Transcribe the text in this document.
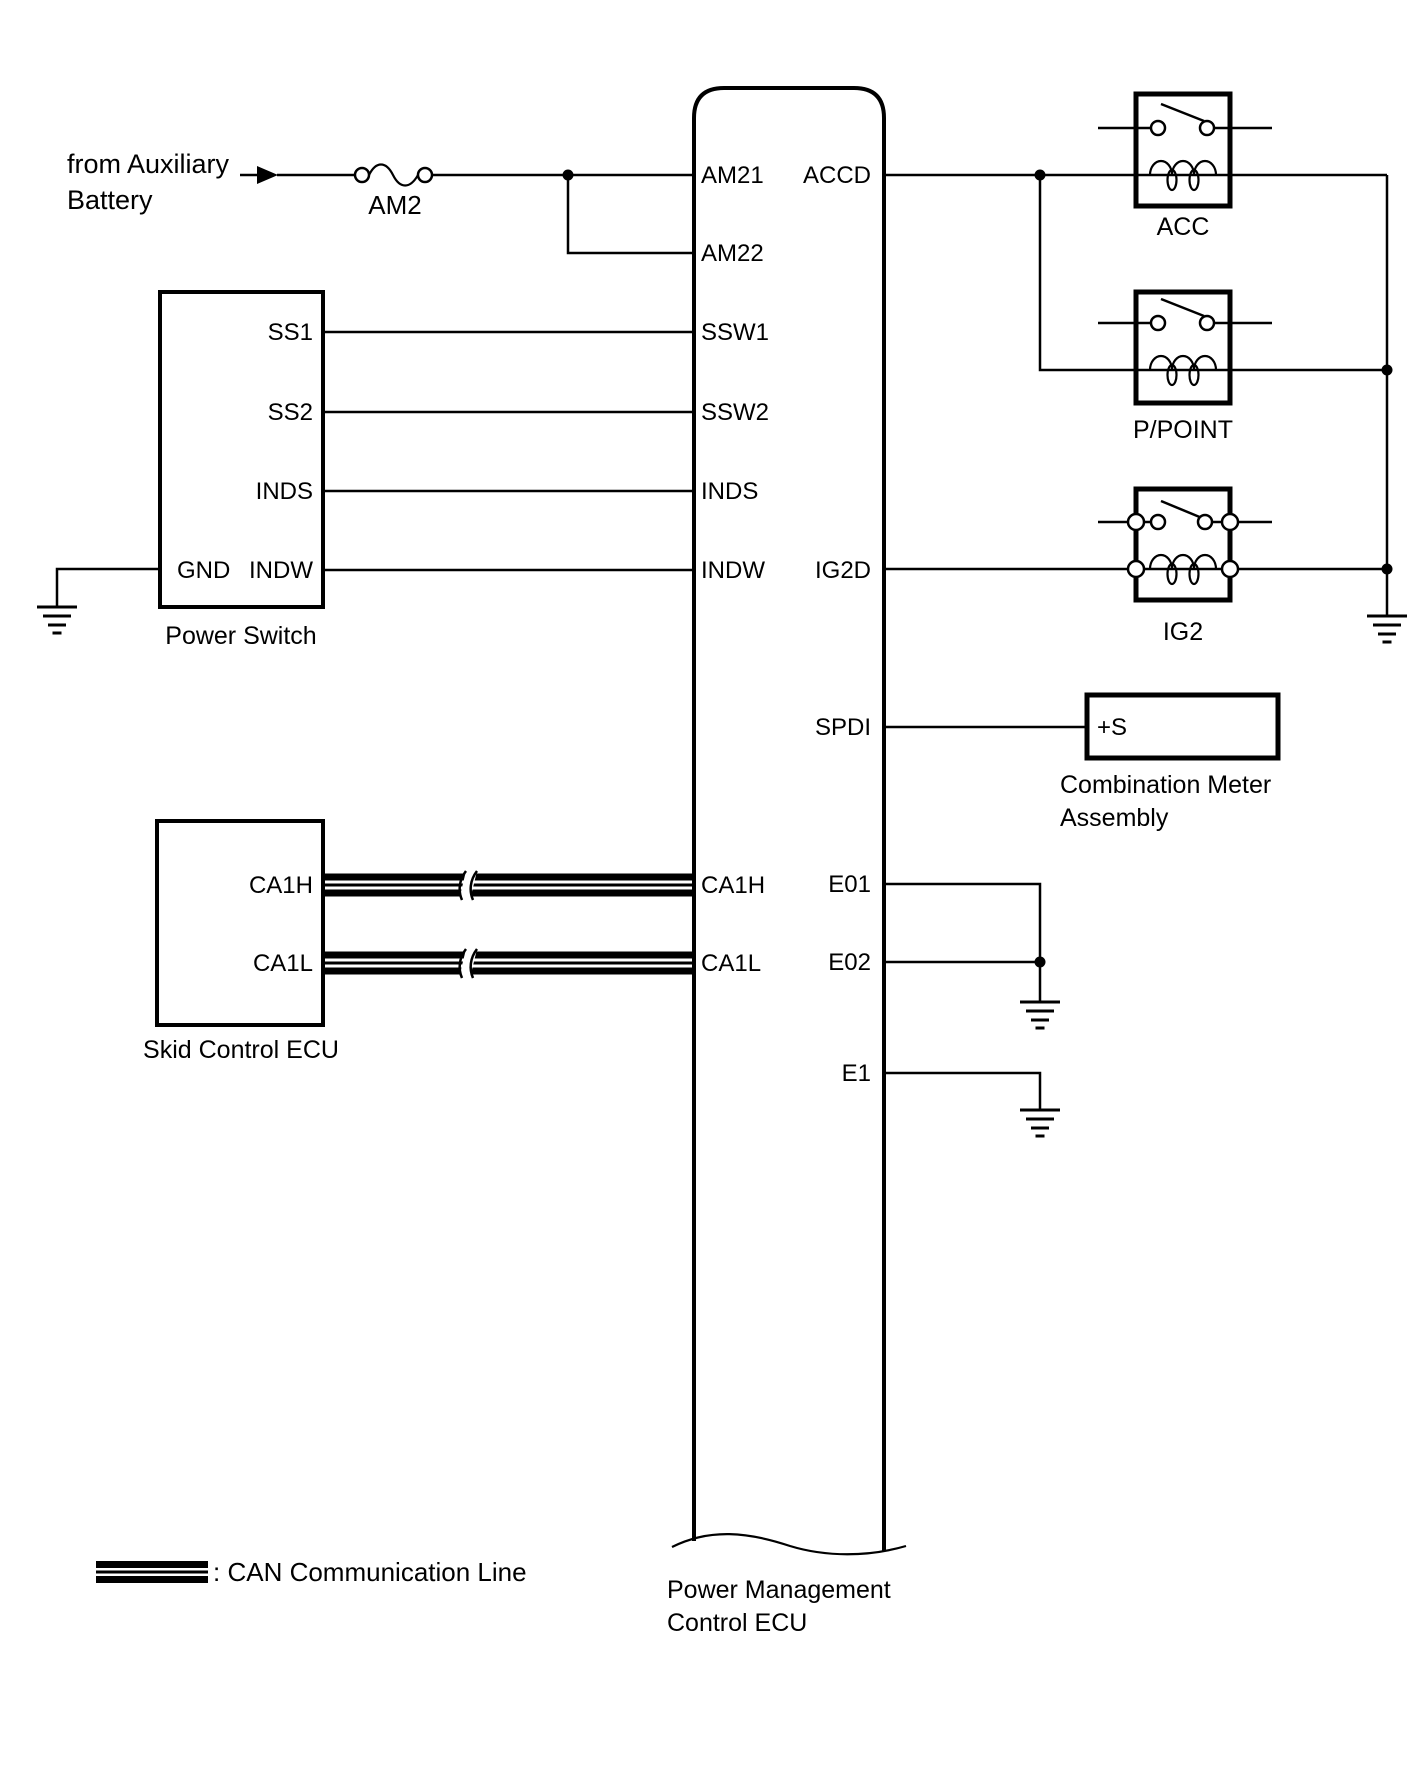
from Auxiliary
Battery	AM2
SS1
SS2
INDS
GND INDW
Power Switch
CA1H
CA1L
Skid Control ECU
AM21
AM22
SSW1
SSW2
INDS
INDW
CA1H
CA1L
ACCD
IG2D
SPDI
E01
E02
E1
Power Management
Control ECU
ACC
P/POINT
IG2
+S
Combination Meter
Assembly
: CAN Communication Line
